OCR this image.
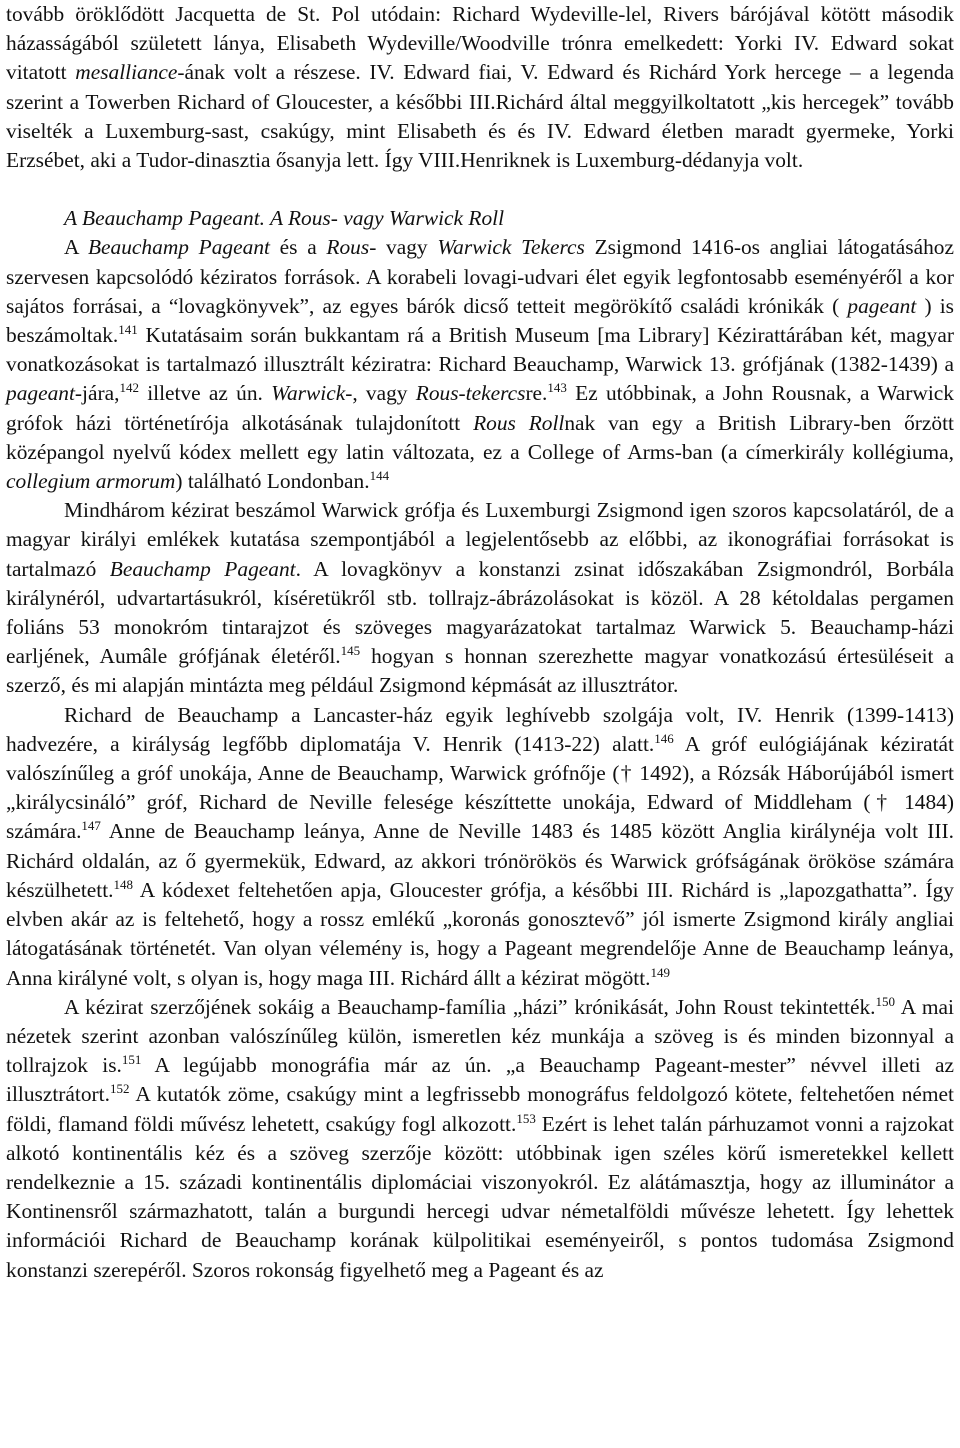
tovább öröklődött Jacquetta de St. Pol utódain: Richard Wydeville-lel, Rivers bárójával kötött második házasságából született lánya, Elisabeth Wydeville/Woodville trónra emelkedett: Yorki IV. Edward sokat vitatott mesalliance-ának volt a részese. IV. Edward fiai, V. Edward és Richárd York hercege – a legenda szerint a Towerben Richard of Gloucester, a későbbi III.Richárd által meggyilkoltatott „kis hercegek” tovább viselték a Luxemburg-sast, csakúgy, mint Elisabeth és és IV. Edward életben maradt gyermeke, Yorki Erzsébet, aki a Tudor-dinasztia ősanyja lett. Így VIII.Henriknek is Luxemburg-dédanyja volt.

A Beauchamp Pageant. A Rous- vagy Warwick Roll

A Beauchamp Pageant és a Rous- vagy Warwick Tekercs Zsigmond 1416-os angliai látogatásához szervesen kapcsolódó kéziratos források. A korabeli lovagi-udvari élet egyik legfontosabb eseményéről a kor sajátos forrásai, a “lovagkönyvek”, az egyes bárók dicső tetteit megörökítő családi krónikák ( pageant ) is beszámoltak.$^{141}$ Kutatásaim során bukkantam rá a British Museum [ma Library] Kézirattárában két, magyar vonatkozásokat is tartalmazó illusztrált kéziratra: Richard Beauchamp, Warwick 13. grófjának (1382-1439) a pageant-jára,$^{142}$ illetve az ún. Warwick-, vagy Rous-tekercsre.$^{143}$ Ez utóbbinak, a John Rousnak, a Warwick grófok házi történetírója alkotásának tulajdonított Rous Rollnak van egy a British Library-ben őrzött középangol nyelvű kódex mellett egy latin változata, ez a College of Arms-ban (a címerkirály kollégiuma, collegium armorum) található Londonban.$^{144}$

Mindhárom kézirat beszámol Warwick grófja és Luxemburgi Zsigmond igen szoros kapcsolatáról, de a magyar királyi emlékek kutatása szempontjából a legjelentősebb az előbbi, az ikonográfiai forrásokat is tartalmazó Beauchamp Pageant. A lovagkönyv a konstanzi zsinat időszakában Zsigmondról, Borbála királynéról, udvartartásukról, kíséretükről stb. tollrajz-ábrázolásokat is közöl. A 28 kétoldalas pergamen foliáns 53 monokróm tintarajzot és szöveges magyarázatokat tartalmaz Warwick 5. Beauchamp-házi earljének, Aumâle grófjának életéről.$^{145}$ hogyan s honnan szerezhette magyar vonatkozású értesüléseit a szerző, és mi alapján mintázta meg például Zsigmond képmását az illusztrátor.

Richard de Beauchamp a Lancaster-ház egyik leghívebb szolgája volt, IV. Henrik (1399-1413) hadvezére, a királyság legfőbb diplomatája V. Henrik (1413-22) alatt.$^{146}$ A gróf eulógiájának kéziratát valószínűleg a gróf unokája, Anne de Beauchamp, Warwick grófnője († 1492), a Rózsák Háborújából ismert „királycsináló” gróf, Richard de Neville felesége készíttette unokája, Edward of Middleham († 1484) számára.$^{147}$ Anne de Beauchamp leánya, Anne de Neville 1483 és 1485 között Anglia királynéja volt III. Richárd oldalán, az ő gyermekük, Edward, az akkori trónörökös és Warwick grófságának örököse számára készülhetett.$^{148}$ A kódexet feltehetően apja, Gloucester grófja, a későbbi III. Richárd is „lapozgathatta”. Így elvben akár az is feltehető, hogy a rossz emlékű „koronás gonosztevő” jól ismerte Zsigmond király angliai látogatásának történetét. Van olyan vélemény is, hogy a Pageant megrendelője Anne de Beauchamp leánya, Anna királyné volt, s olyan is, hogy maga III. Richárd állt a kézirat mögött.$^{149}$

A kézirat szerzőjének sokáig a Beauchamp-família „házi” krónikását, John Roust tekintették.$^{150}$ A mai nézetek szerint azonban valószínűleg külön, ismeretlen kéz munkája a szöveg is és minden bizonnyal a tollrajzok is.$^{151}$ A legújabb monográfia már az ún. „a Beauchamp Pageant-mester” névvel illeti az illusztrátort.$^{152}$ A kutatók zöme, csakúgy mint a legfrissebb monográfus feldolgozó kötete, feltehetően német földi, flamand földi művész lehetett, csakúgy fogl alkozott.$^{153}$ Ezért is lehet talán párhuzamot vonni a rajzokat alkotó kontinentális kéz és a szöveg szerzője között: utóbbinak igen széles körű ismeretekkel kellett rendelkeznie a 15. századi kontinentális diplomáciai viszonyokról. Ez alátámasztja, hogy az illuminátor a Kontinensről származhatott, talán a burgundi hercegi udvar németalföldi művésze lehetett. Így lehettek információi Richard de Beauchamp korának külpolitikai eseményeiről, s pontos tudomása Zsigmond konstanzi szerepéről. Szoros rokonság figyelhető meg a Pageant és az
